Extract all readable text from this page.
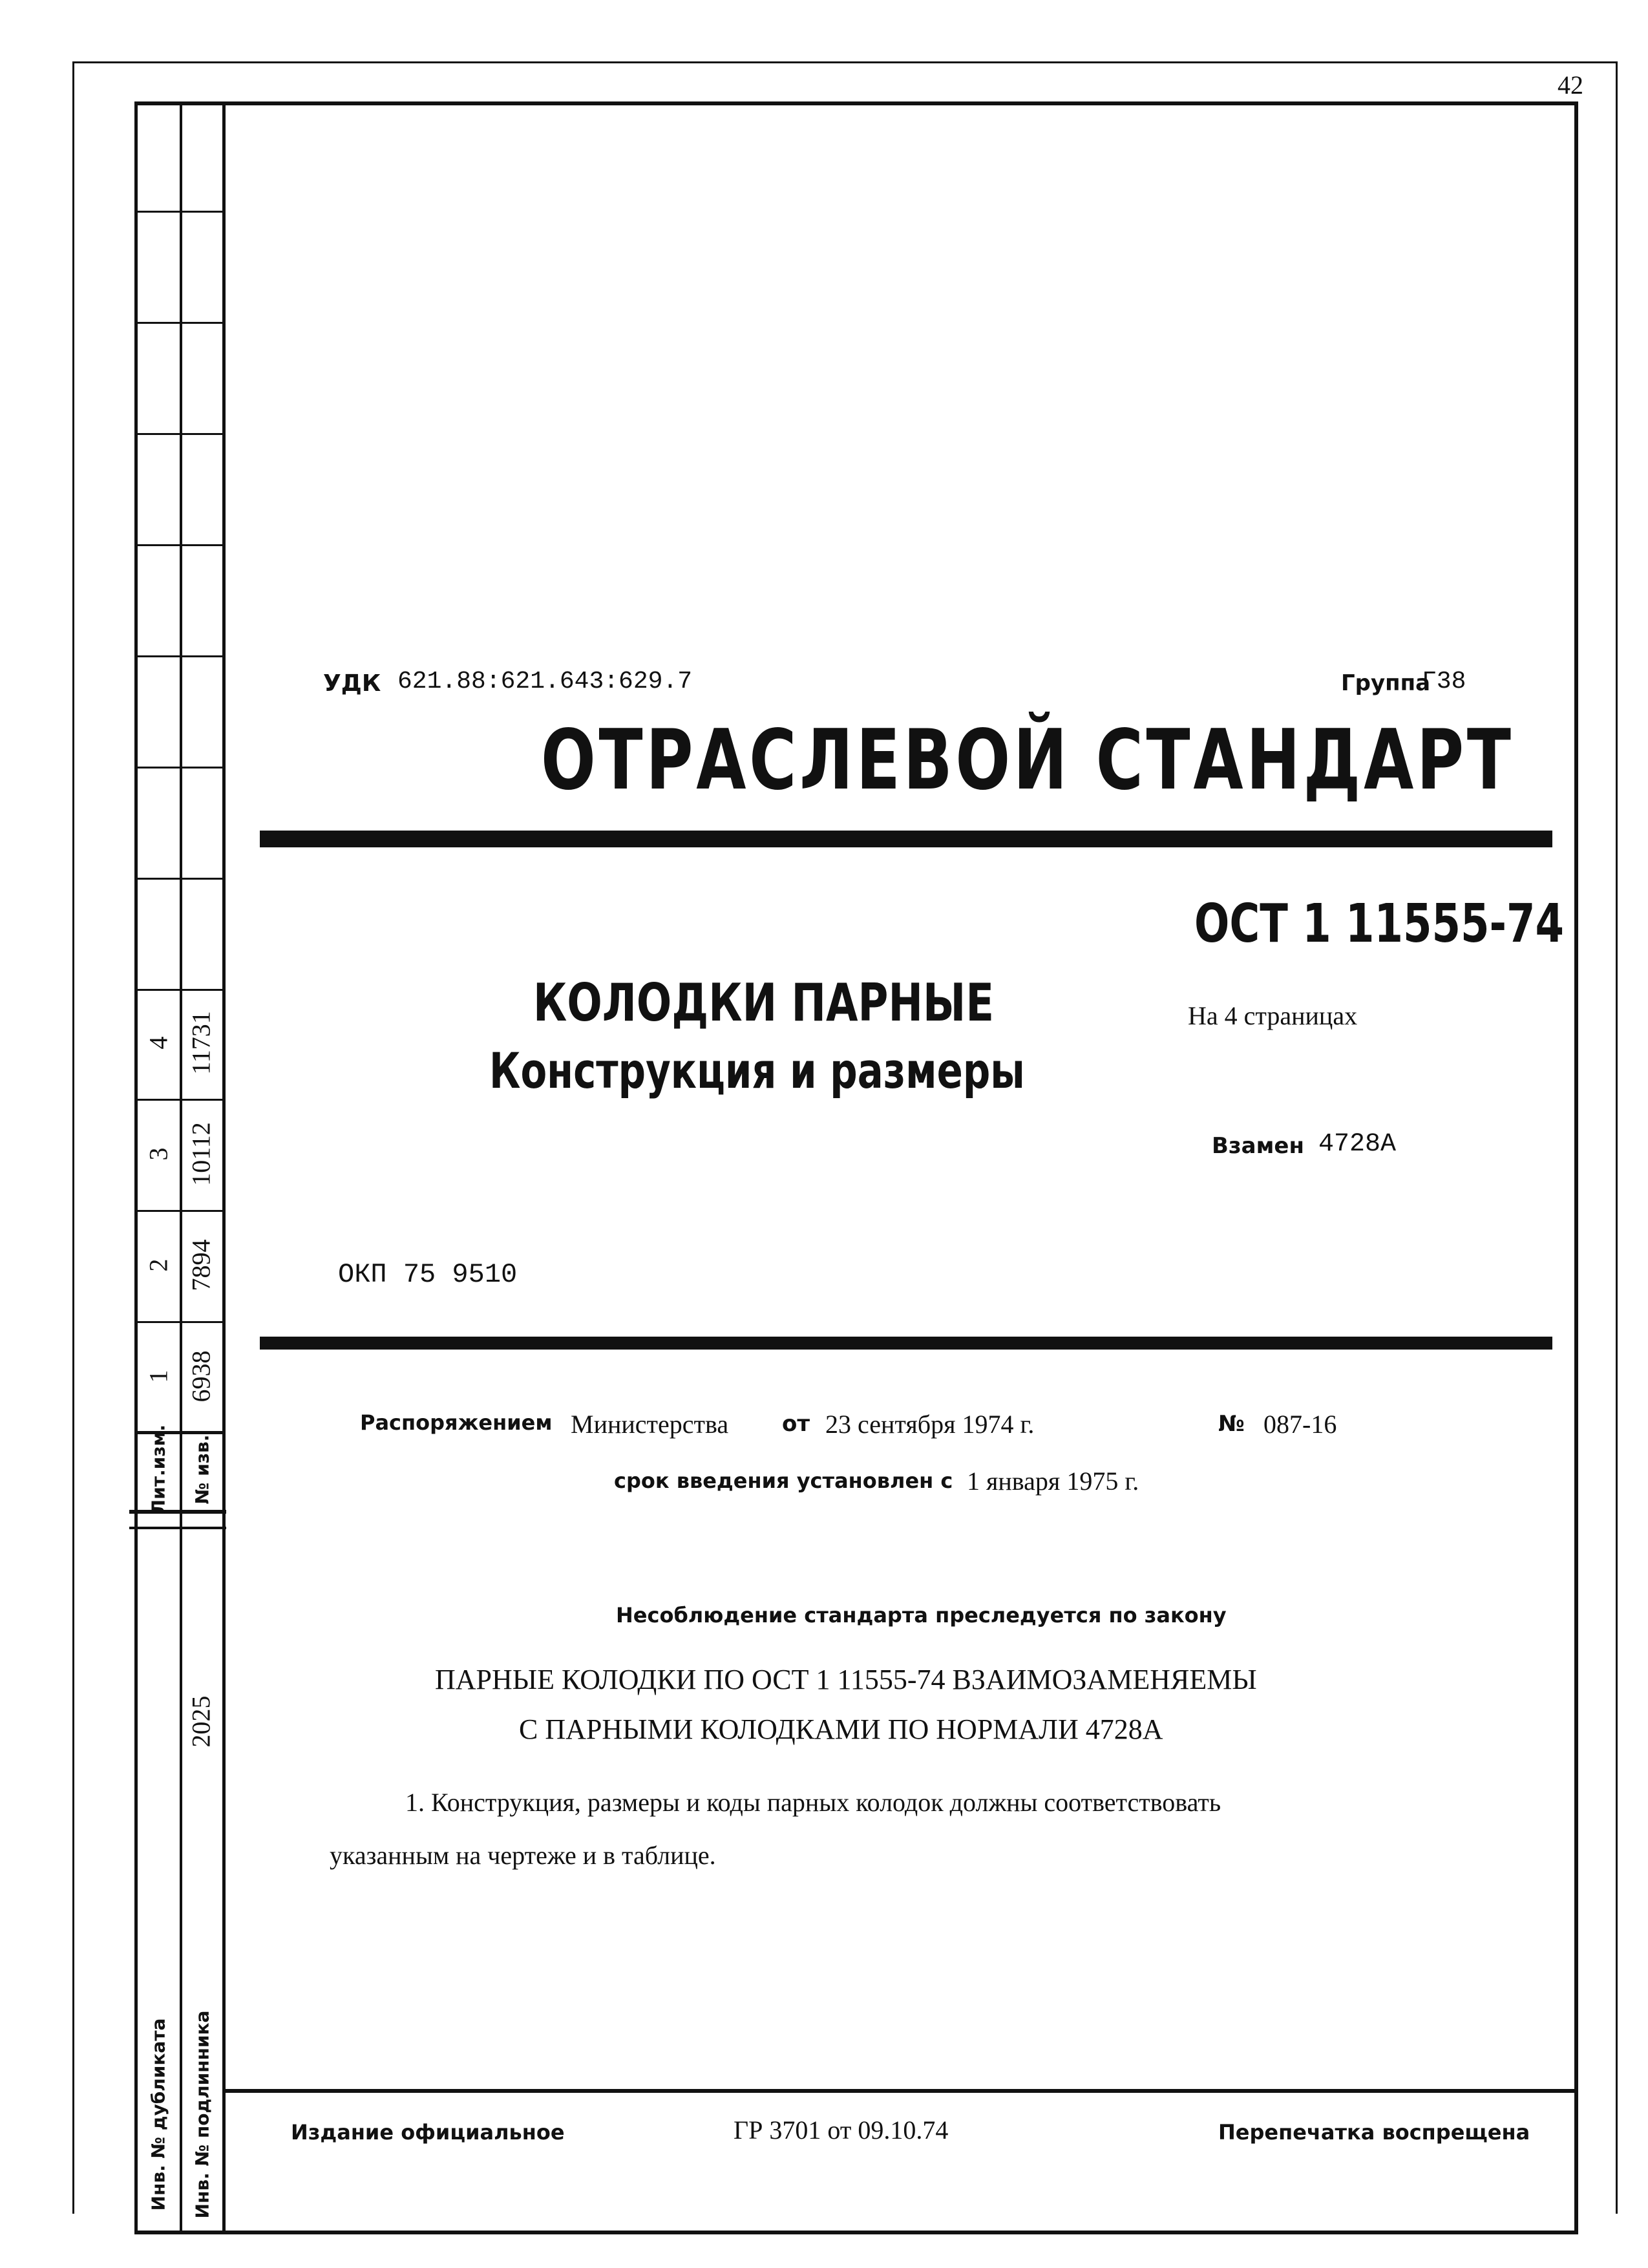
42
Лит.изм. № изв.
1 6938
2 7894
3 10112
4 11731
Инв. № дубликата Инв. № подлинника
2025
УДК 621.88:621.643:629.7	Группа
Г38
ОТРАСЛЕВОЙ СТАНДАРТ
ОСТ 1 11555-74
КОЛОДКИ ПАРНЫЕ
Конструкция и размеры
На 4 страницах
Взамен 4728А
ОКП 75 9510
Распоряжением Министерства от 23 сентября 1974 г.	№ 087-16
срок введения установлен с 1 января 1975 г.
Несоблюдение стандарта преследуется по закону
ПАРНЫЕ КОЛОДКИ ПО ОСТ 1 11555-74 ВЗАИМОЗАМЕНЯЕМЫ
С ПАРНЫМИ КОЛОДКАМИ ПО НОРМАЛИ 4728А
1. Конструкция, размеры и коды парных колодок должны соответствовать
указанным на чертеже и в таблице.
Издание официальное	ГР 3701 от 09.10.74	Перепечатка воспрещена
